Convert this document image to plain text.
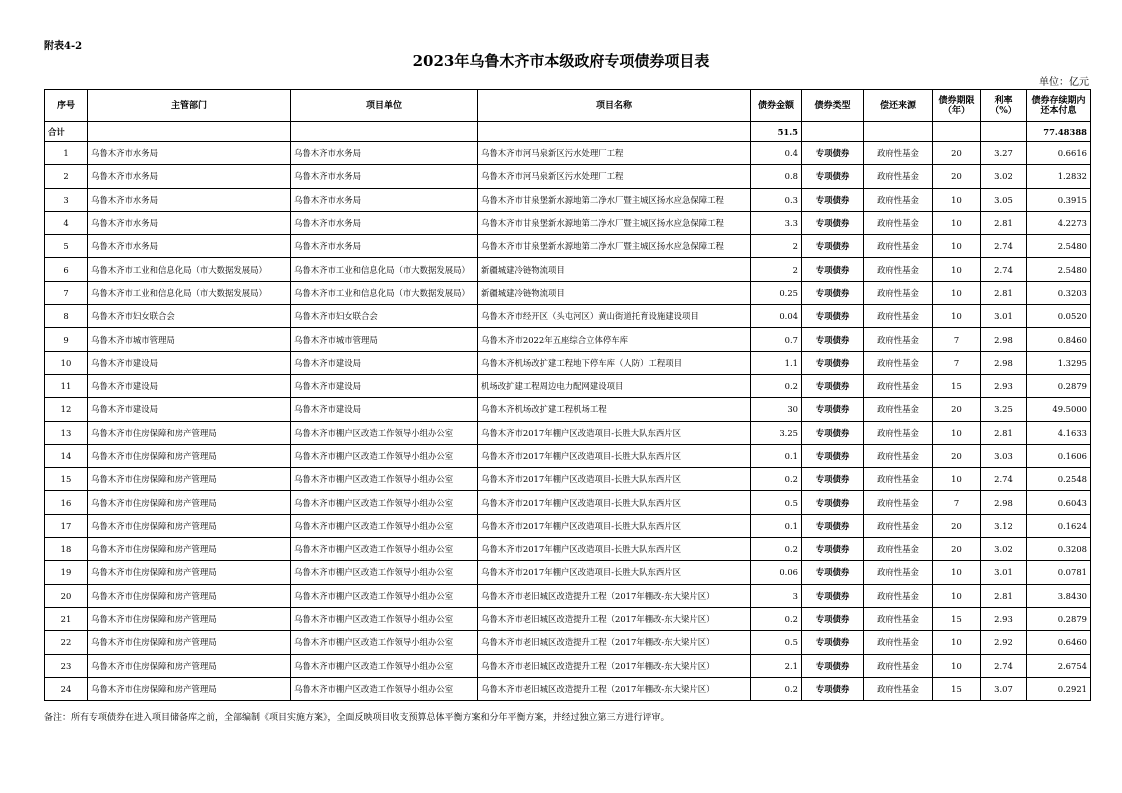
附表4-2
2023年乌鲁木齐市本级政府专项债券项目表
单位：亿元
序号	主管部门	项目单位	项目名称	债券金额	债券类型	偿还来源	债券期限（年）	利率（%）	债券存续期内还本付息
合计				51.5					77.48388
1	乌鲁木齐市水务局	乌鲁木齐市水务局	乌鲁木齐市河马泉新区污水处理厂工程	0.4	专项债券	政府性基金	20	3.27	0.6616
2	乌鲁木齐市水务局	乌鲁木齐市水务局	乌鲁木齐市河马泉新区污水处理厂工程	0.8	专项债券	政府性基金	20	3.02	1.2832
3	乌鲁木齐市水务局	乌鲁木齐市水务局	乌鲁木齐市甘泉堡新水源地第二净水厂暨主城区扬水应急保障工程	0.3	专项债券	政府性基金	10	3.05	0.3915
4	乌鲁木齐市水务局	乌鲁木齐市水务局	乌鲁木齐市甘泉堡新水源地第二净水厂暨主城区扬水应急保障工程	3.3	专项债券	政府性基金	10	2.81	4.2273
5	乌鲁木齐市水务局	乌鲁木齐市水务局	乌鲁木齐市甘泉堡新水源地第二净水厂暨主城区扬水应急保障工程	2	专项债券	政府性基金	10	2.74	2.5480
6	乌鲁木齐市工业和信息化局（市大数据发展局）	乌鲁木齐市工业和信息化局（市大数据发展局）	新疆城建冷链物流项目	2	专项债券	政府性基金	10	2.74	2.5480
7	乌鲁木齐市工业和信息化局（市大数据发展局）	乌鲁木齐市工业和信息化局（市大数据发展局）	新疆城建冷链物流项目	0.25	专项债券	政府性基金	10	2.81	0.3203
8	乌鲁木齐市妇女联合会	乌鲁木齐市妇女联合会	乌鲁木齐市经开区（头屯河区）黄山街道托育设施建设项目	0.04	专项债券	政府性基金	10	3.01	0.0520
9	乌鲁木齐市城市管理局	乌鲁木齐市城市管理局	乌鲁木齐市2022年五座综合立体停车库	0.7	专项债券	政府性基金	7	2.98	0.8460
10	乌鲁木齐市建设局	乌鲁木齐市建设局	乌鲁木齐机场改扩建工程地下停车库（人防）工程项目	1.1	专项债券	政府性基金	7	2.98	1.3295
11	乌鲁木齐市建设局	乌鲁木齐市建设局	机场改扩建工程周边电力配网建设项目	0.2	专项债券	政府性基金	15	2.93	0.2879
12	乌鲁木齐市建设局	乌鲁木齐市建设局	乌鲁木齐机场改扩建工程机场工程	30	专项债券	政府性基金	20	3.25	49.5000
13	乌鲁木齐市住房保障和房产管理局	乌鲁木齐市棚户区改造工作领导小组办公室	乌鲁木齐市2017年棚户区改造项目-长胜大队东西片区	3.25	专项债券	政府性基金	10	2.81	4.1633
14	乌鲁木齐市住房保障和房产管理局	乌鲁木齐市棚户区改造工作领导小组办公室	乌鲁木齐市2017年棚户区改造项目-长胜大队东西片区	0.1	专项债券	政府性基金	20	3.03	0.1606
15	乌鲁木齐市住房保障和房产管理局	乌鲁木齐市棚户区改造工作领导小组办公室	乌鲁木齐市2017年棚户区改造项目-长胜大队东西片区	0.2	专项债券	政府性基金	10	2.74	0.2548
16	乌鲁木齐市住房保障和房产管理局	乌鲁木齐市棚户区改造工作领导小组办公室	乌鲁木齐市2017年棚户区改造项目-长胜大队东西片区	0.5	专项债券	政府性基金	7	2.98	0.6043
17	乌鲁木齐市住房保障和房产管理局	乌鲁木齐市棚户区改造工作领导小组办公室	乌鲁木齐市2017年棚户区改造项目-长胜大队东西片区	0.1	专项债券	政府性基金	20	3.12	0.1624
18	乌鲁木齐市住房保障和房产管理局	乌鲁木齐市棚户区改造工作领导小组办公室	乌鲁木齐市2017年棚户区改造项目-长胜大队东西片区	0.2	专项债券	政府性基金	20	3.02	0.3208
19	乌鲁木齐市住房保障和房产管理局	乌鲁木齐市棚户区改造工作领导小组办公室	乌鲁木齐市2017年棚户区改造项目-长胜大队东西片区	0.06	专项债券	政府性基金	10	3.01	0.0781
20	乌鲁木齐市住房保障和房产管理局	乌鲁木齐市棚户区改造工作领导小组办公室	乌鲁木齐市老旧城区改造提升工程（2017年棚改-东大梁片区）	3	专项债券	政府性基金	10	2.81	3.8430
21	乌鲁木齐市住房保障和房产管理局	乌鲁木齐市棚户区改造工作领导小组办公室	乌鲁木齐市老旧城区改造提升工程（2017年棚改-东大梁片区）	0.2	专项债券	政府性基金	15	2.93	0.2879
22	乌鲁木齐市住房保障和房产管理局	乌鲁木齐市棚户区改造工作领导小组办公室	乌鲁木齐市老旧城区改造提升工程（2017年棚改-东大梁片区）	0.5	专项债券	政府性基金	10	2.92	0.6460
23	乌鲁木齐市住房保障和房产管理局	乌鲁木齐市棚户区改造工作领导小组办公室	乌鲁木齐市老旧城区改造提升工程（2017年棚改-东大梁片区）	2.1	专项债券	政府性基金	10	2.74	2.6754
24	乌鲁木齐市住房保障和房产管理局	乌鲁木齐市棚户区改造工作领导小组办公室	乌鲁木齐市老旧城区改造提升工程（2017年棚改-东大梁片区）	0.2	专项债券	政府性基金	15	3.07	0.2921
备注：所有专项债券在进入项目储备库之前，全部编制《项目实施方案》，全面反映项目收支预算总体平衡方案和分年平衡方案，并经过独立第三方进行评审。
